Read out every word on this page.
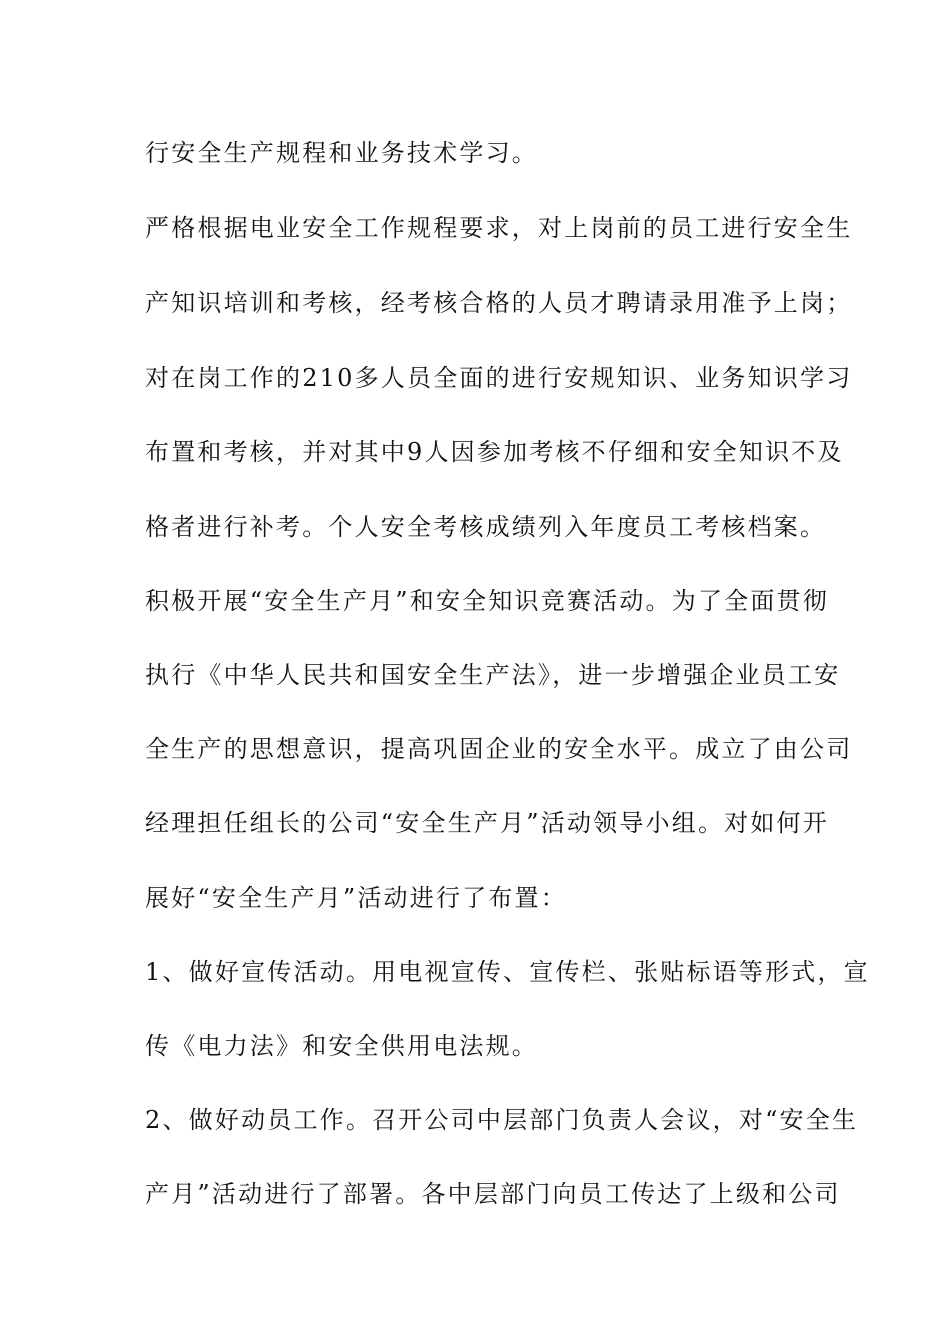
行安全生产规程和业务技术学习。
严格根据电业安全工作规程要求，对上岗前的员工进行安全生
产知识培训和考核，经考核合格的人员才聘请录用准予上岗；
对在岗工作的210多人员全面的进行安规知识、业务知识学习
布置和考核，并对其中9人因参加考核不仔细和安全知识不及
格者进行补考。个人安全考核成绩列入年度员工考核档案。
积极开展“安全生产月”和安全知识竞赛活动。为了全面贯彻
执行《中华人民共和国安全生产法》，进一步增强企业员工安
全生产的思想意识，提高巩固企业的安全水平。成立了由公司
经理担任组长的公司“安全生产月”活动领导小组。对如何开
展好“安全生产月”活动进行了布置：
1、做好宣传活动。用电视宣传、宣传栏、张贴标语等形式，宣
传《电力法》和安全供用电法规。
2、做好动员工作。召开公司中层部门负责人会议，对“安全生
产月”活动进行了部署。各中层部门向员工传达了上级和公司
